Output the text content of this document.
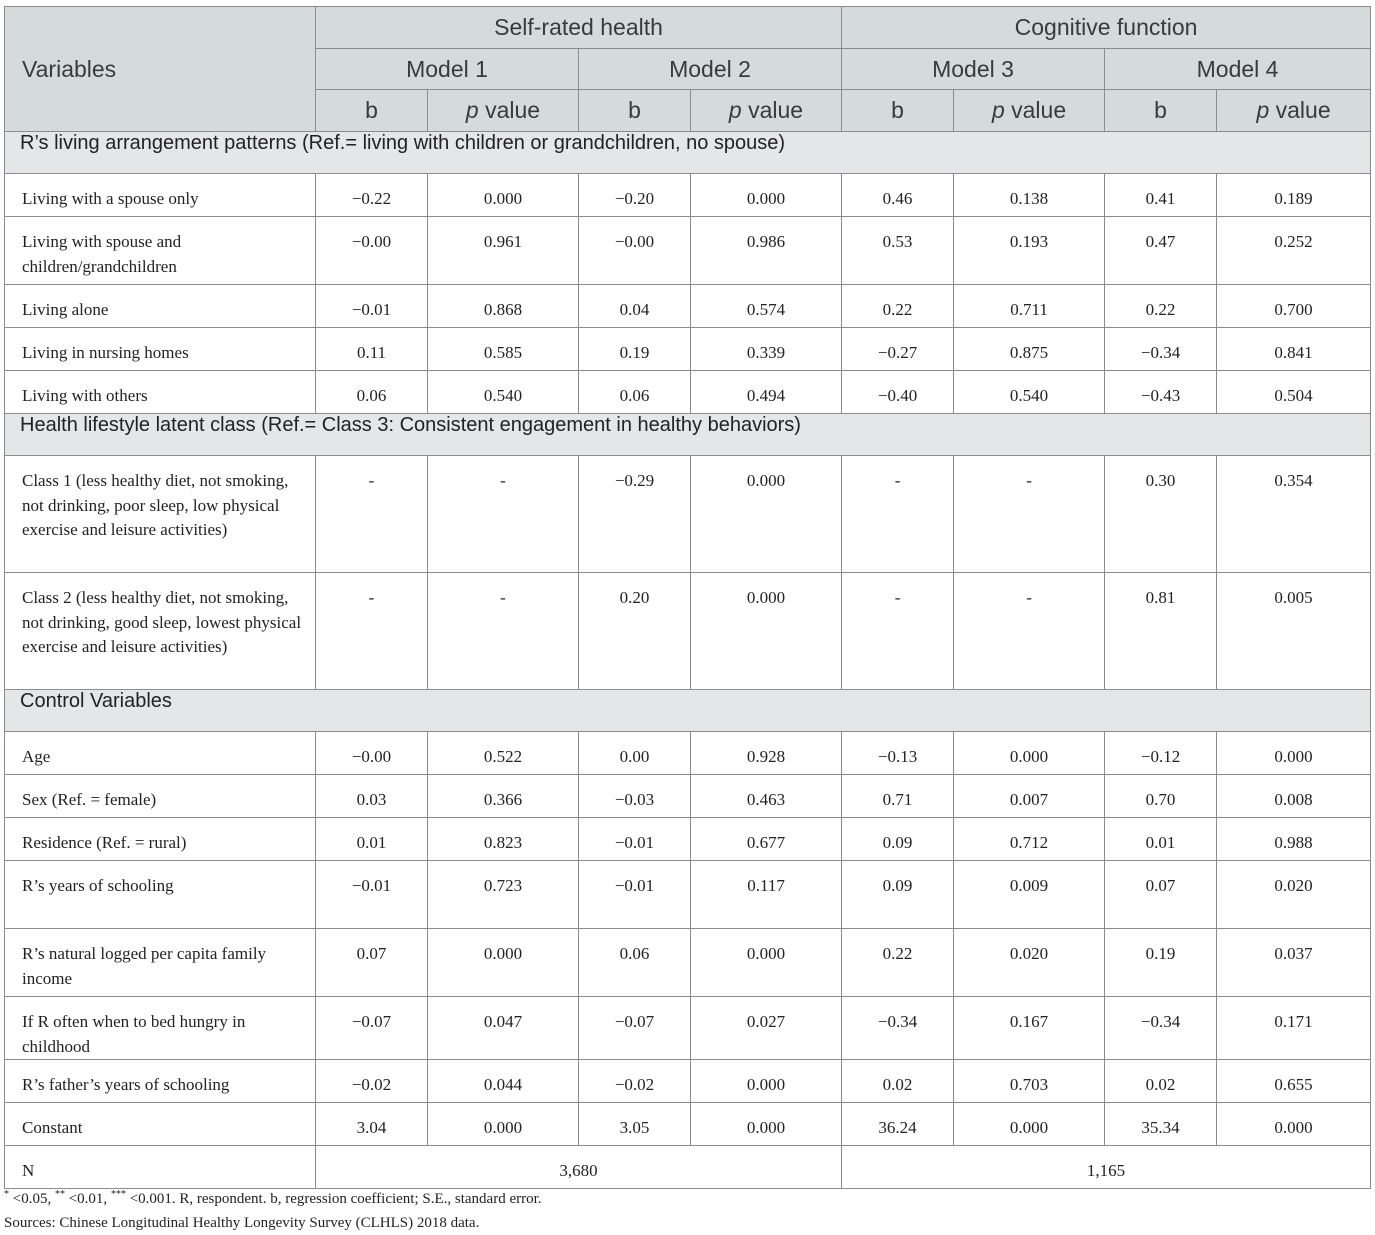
Variables	Self-rated health				Cognitive function			
	Model 1		Model 2		Model 3		Model 4	
	b	p value	b	p value	b	p value	b	p value
R’s living arrangement patterns (Ref.= living with children or grandchildren, no spouse)								
Living with a spouse only	−0.22	0.000	−0.20	0.000	0.46	0.138	0.41	0.189
Living with spouse and children/grandchildren	−0.00	0.961	−0.00	0.986	0.53	0.193	0.47	0.252
Living alone	−0.01	0.868	0.04	0.574	0.22	0.711	0.22	0.700
Living in nursing homes	0.11	0.585	0.19	0.339	−0.27	0.875	−0.34	0.841
Living with others	0.06	0.540	0.06	0.494	−0.40	0.540	−0.43	0.504
Health lifestyle latent class (Ref.= Class 3: Consistent engagement in healthy behaviors)								
Class 1 (less healthy diet, not smoking, not drinking, poor sleep, low physical exercise and leisure activities)	-	-	−0.29	0.000	-	-	0.30	0.354
Class 2 (less healthy diet, not smoking, not drinking, good sleep, lowest physical exercise and leisure activities)	-	-	0.20	0.000	-	-	0.81	0.005
Control Variables								
Age	−0.00	0.522	0.00	0.928	−0.13	0.000	−0.12	0.000
Sex (Ref. = female)	0.03	0.366	−0.03	0.463	0.71	0.007	0.70	0.008
Residence (Ref. = rural)	0.01	0.823	−0.01	0.677	0.09	0.712	0.01	0.988
R’s years of schooling	−0.01	0.723	−0.01	0.117	0.09	0.009	0.07	0.020
R’s natural logged per capita family income	0.07	0.000	0.06	0.000	0.22	0.020	0.19	0.037
If R often when to bed hungry in childhood	−0.07	0.047	−0.07	0.027	−0.34	0.167	−0.34	0.171
R’s father’s years of schooling	−0.02	0.044	−0.02	0.000	0.02	0.703	0.02	0.655
Constant	3.04	0.000	3.05	0.000	36.24	0.000	35.34	0.000
N	3,680				1,165			
* <0.05, ** <0.01, *** <0.001. R, respondent. b, regression coefficient; S.E., standard error.
Sources: Chinese Longitudinal Healthy Longevity Survey (CLHLS) 2018 data.
